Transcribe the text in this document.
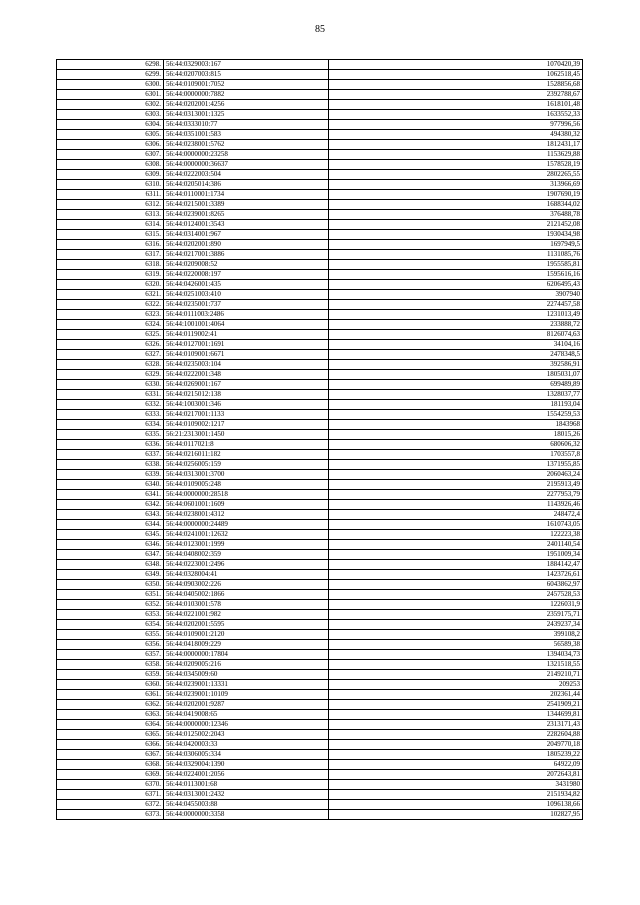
85
6298.	56:44:0329003:167	1070420,39
6299.	56:44:0207003:815	1062518,45
6300.	56:44:0109001:7052	1528856,68
6301.	56:44:0000000:7882	2392788,67
6302.	56:44:0202001:4256	1618101,48
6303.	56:44:0313001:1325	1633552,33
6304.	56:44:0333010:77	977996,56
6305.	56:44:0351001:583	494380,32
6306.	56:44:0238001:5762	1812431,17
6307.	56:44:0000000:23258	1153629,88
6308.	56:44:0000000:36637	1578528,19
6309.	56:44:0222003:504	2802265,55
6310.	56:44:0205014:386	313966,69
6311.	56:44:0110001:1734	1907690,19
6312.	56:44:0215001:3389	1688344,02
6313.	56:44:0239001:8265	376488,78
6314.	56:44:0124001:3543	2121452,08
6315.	56:44:0314001:967	1930434,98
6316.	56:44:0202001:890	1697949,5
6317.	56:44:0217001:3886	1131085,76
6318.	56:44:0209008:52	1955585,81
6319.	56:44:0220008:197	1595616,16
6320.	56:44:0426001:435	6206495,43
6321.	56:44:0251003:410	3907940
6322.	56:44:0235001:737	2274457,58
6323.	56:44:0111003:2486	1231013,49
6324.	56:44:1001001:4064	233888,72
6325.	56:44:0119002:41	8126074,63
6326.	56:44:0127001:1691	34104,16
6327.	56:44:0109001:6671	2478348,5
6328.	56:44:0235003:104	392586,91
6329.	56:44:0222001:348	1805031,07
6330.	56:44:0269001:167	699489,89
6331.	56:44:0215012:138	1328037,77
6332.	56:44:1003001:346	181193,04
6333.	56:44:0217001:1133	1554259,53
6334.	56:44:0109002:1217	1843968
6335.	56:21:2313001:1450	18015,26
6336.	56:44:0117021:8	680606,32
6337.	56:44:0216011:182	1703557,8
6338.	56:44:0256005:159	1371955,85
6339.	56:44:0313001:3700	2060463,24
6340.	56:44:0109005:248	2195913,49
6341.	56:44:0000000:28518	2277953,79
6342.	56:44:0601001:1609	1143926,46
6343.	56:44:0238001:4312	248472,4
6344.	56:44:0000000:24489	1610743,05
6345.	56:44:0241001:12632	122223,38
6346.	56:44:0123001:1999	2401140,54
6347.	56:44:0408002:359	1951009,34
6348.	56:44:0223001:2496	1884142,47
6349.	56:44:0328004:41	1423726,61
6350.	56:44:0903002:226	6043862,97
6351.	56:44:0405002:1866	2457528,53
6352.	56:44:0103001:578	1226031,9
6353.	56:44:0221001:982	2359175,71
6354.	56:44:0202001:5595	2439237,34
6355.	56:44:0109001:2120	399108,2
6356.	56:44:0418009:229	56589,38
6357.	56:44:0000000:17804	1394034,73
6358.	56:44:0209005:216	1321518,55
6359.	56:44:0345009:60	2149210,71
6360.	56:44:0239001:13331	209253
6361.	56:44:0239001:10109	202361,44
6362.	56:44:0202001:9287	2541909,21
6363.	56:44:0419008:65	1344699,81
6364.	56:44:0000000:12346	2313171,43
6365.	56:44:0125002:2043	2282604,88
6366.	56:44:0420003:33	2049770,18
6367.	56:44:0306005:334	1805239,22
6368.	56:44:0329004:1390	64922,09
6369.	56:44:0224001:2056	2072643,81
6370.	56:44:0113001:68	3431980
6371.	56:44:0313001:2432	2151934,82
6372.	56:44:0455003:88	1096138,66
6373.	56:44:0000000:3358	102827,95
